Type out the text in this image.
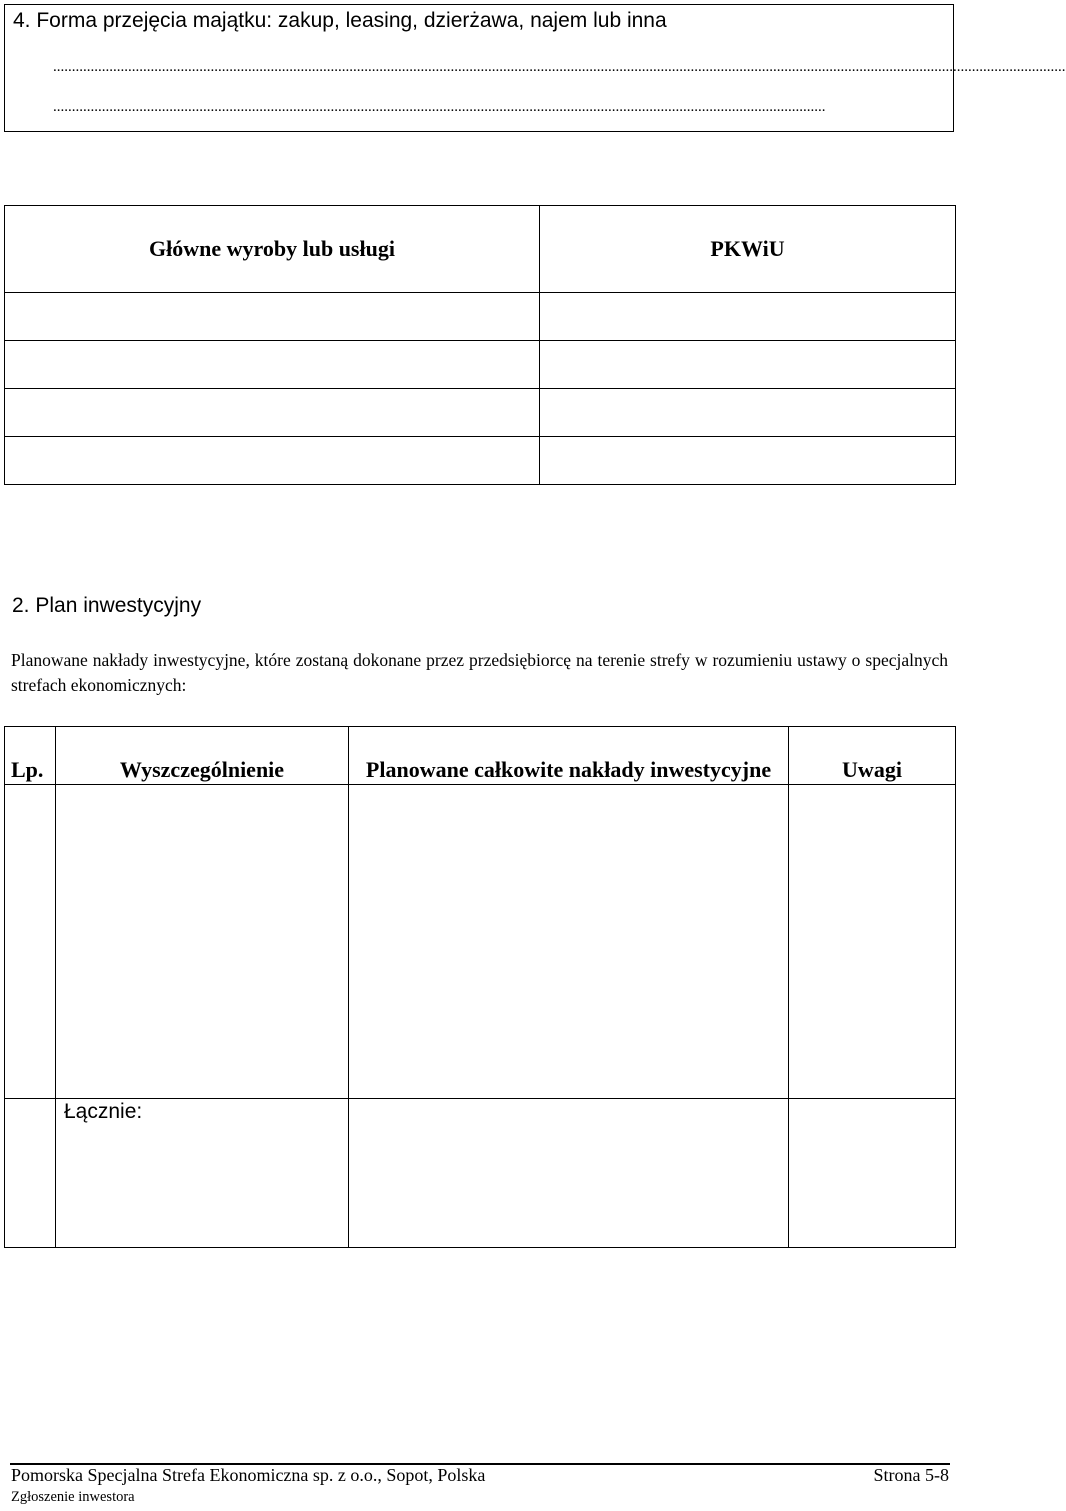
4. Forma przejęcia majątku: zakup, leasing, dzierżawa, najem lub inna
..............................................................................................................................................................................................................................................................................
..............................................................................................................................................................................................................
Główne wyroby lub usługi	PKWiU

2. Plan inwestycyjny
Planowane nakłady inwestycyjne, które zostaną dokonane przez przedsiębiorcę na terenie strefy w rozumieniu ustawy o specjalnych strefach ekonomicznych:
Lp.	Wyszczególnienie	Planowane całkowite nakłady inwestycyjne	Uwagi

	Łącznie:		

Pomorska Specjalna Strefa Ekonomiczna sp. z o.o., Sopot, Polska	Strona 5-8
Zgłoszenie inwestora
